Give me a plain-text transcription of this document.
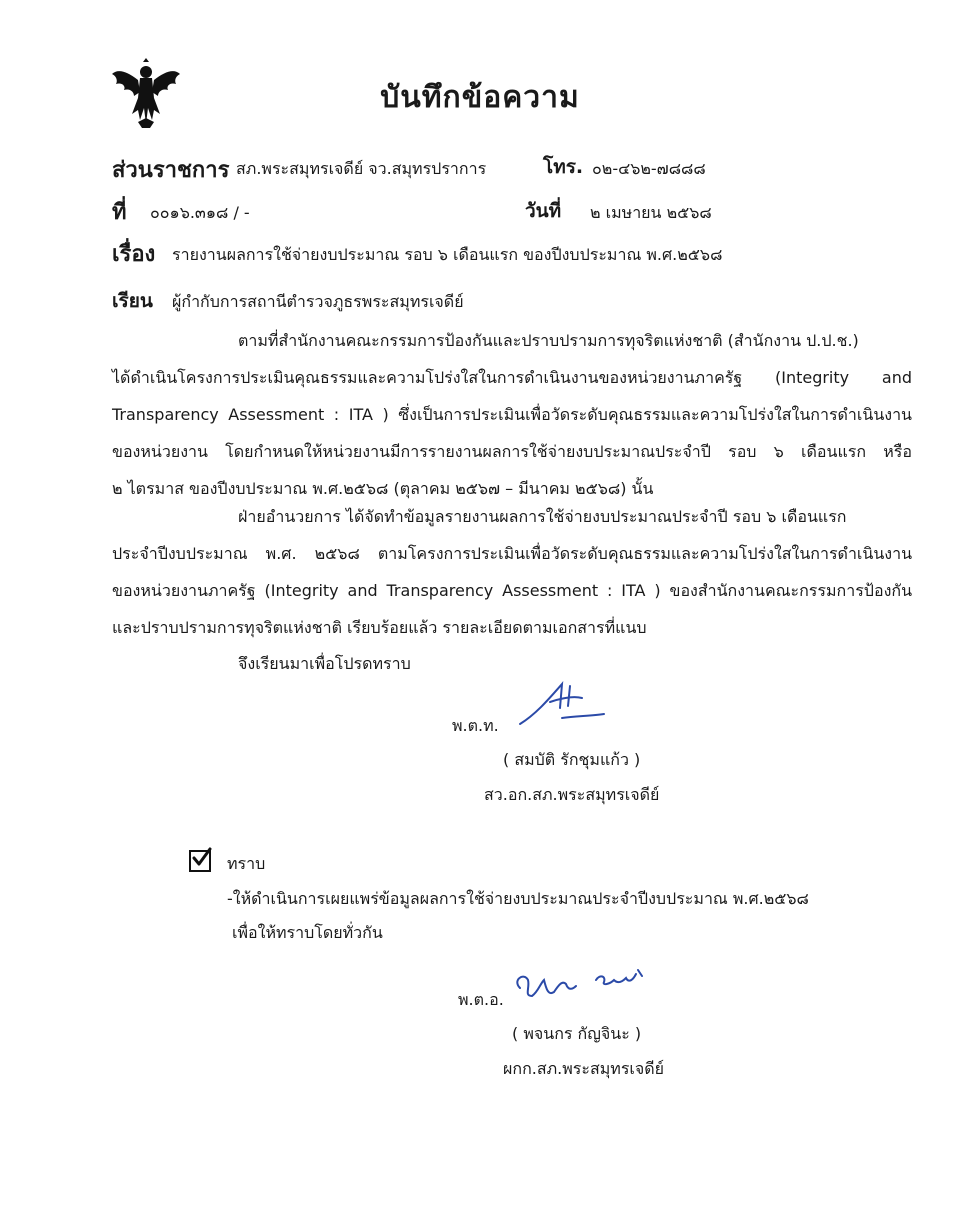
บันทึกข้อความ
ส่วนราชการ สภ.พระสมุทรเจดีย์ จว.สมุทรปราการ	โทร. ๐๒-๔๖๒-๗๘๘๘
ที่ ๐๐๑๖.๓๑๘ / -	วันที่ ๒ เมษายน ๒๕๖๘
เรื่อง รายงานผลการใช้จ่ายงบประมาณ รอบ ๖ เดือนแรก ของปีงบประมาณ พ.ศ.๒๕๖๘
เรียน ผู้กำกับการสถานีตำรวจภูธรพระสมุทรเจดีย์
ตามที่สำนักงานคณะกรรมการป้องกันและปราบปรามการทุจริตแห่งชาติ (สำนักงาน ป.ป.ช.)
ได้ดำเนินโครงการประเมินคุณธรรมและความโปร่งใสในการดำเนินงานของหน่วยงานภาครัฐ (Integrity and
Transparency Assessment : ITA ) ซึ่งเป็นการประเมินเพื่อวัดระดับคุณธรรมและความโปร่งใสในการดำเนินงาน
ของหน่วยงาน โดยกำหนดให้หน่วยงานมีการรายงานผลการใช้จ่ายงบประมาณประจำปี รอบ ๖ เดือนแรก หรือ
๒ ไตรมาส ของปีงบประมาณ พ.ศ.๒๕๖๘ (ตุลาคม ๒๕๖๗ – มีนาคม ๒๕๖๘) นั้น
ฝ่ายอำนวยการ ได้จัดทำข้อมูลรายงานผลการใช้จ่ายงบประมาณประจำปี รอบ ๖ เดือนแรก
ประจำปีงบประมาณ พ.ศ. ๒๕๖๘ ตามโครงการประเมินเพื่อวัดระดับคุณธรรมและความโปร่งใสในการดำเนินงาน
ของหน่วยงานภาครัฐ (Integrity and Transparency Assessment : ITA ) ของสำนักงานคณะกรรมการป้องกัน
และปราบปรามการทุจริตแห่งชาติ เรียบร้อยแล้ว รายละเอียดตามเอกสารที่แนบ
จึงเรียนมาเพื่อโปรดทราบ
พ.ต.ท.
( สมบัติ รักชุมแก้ว )
สว.อก.สภ.พระสมุทรเจดีย์
ทราบ
-ให้ดำเนินการเผยแพร่ข้อมูลผลการใช้จ่ายงบประมาณประจำปีงบประมาณ พ.ศ.๒๕๖๘
เพื่อให้ทราบโดยทั่วกัน
พ.ต.อ.
( พจนกร กัญจินะ )
ผกก.สภ.พระสมุทรเจดีย์
